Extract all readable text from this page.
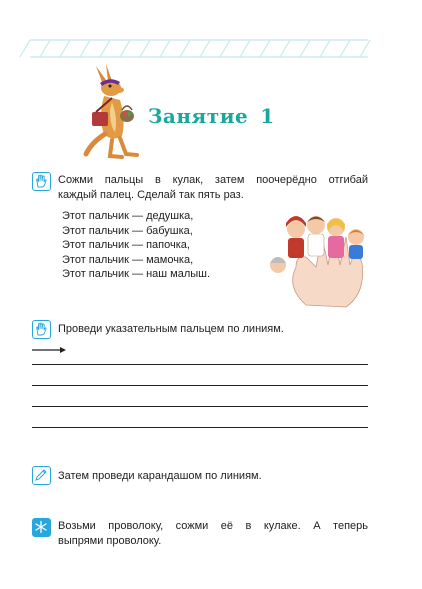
Занятие 1

Сожми пальцы в кулак, затем поочерёдно отгибай
каждый палец. Сделай так пять раз.

Этот пальчик — дедушка,
Этот пальчик — бабушка,
Этот пальчик — папочка,
Этот пальчик — мамочка,
Этот пальчик — наш малыш.

Проведи указательным пальцем по линиям.

Затем проведи карандашом по линиям.

Возьми проволоку, сожми её в кулаке. А теперь
выпрями проволоку.
